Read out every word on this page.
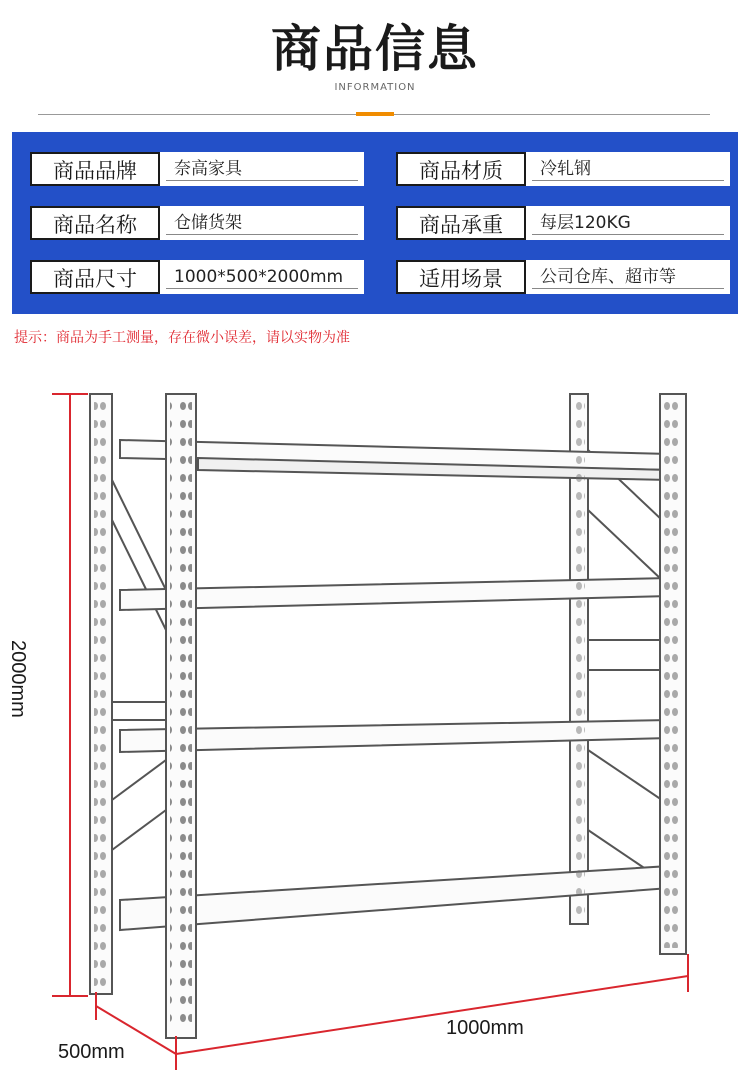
商品信息
INFORMATION
商品品牌	奈高家具	商品材质	冷轧钢
商品名称	仓储货架	商品承重	每层120KG
商品尺寸	1000*500*2000mm	适用场景	公司仓库、超市等
提示：商品为手工测量，存在微小误差，请以实物为准
2000mm
1000mm
500mm
